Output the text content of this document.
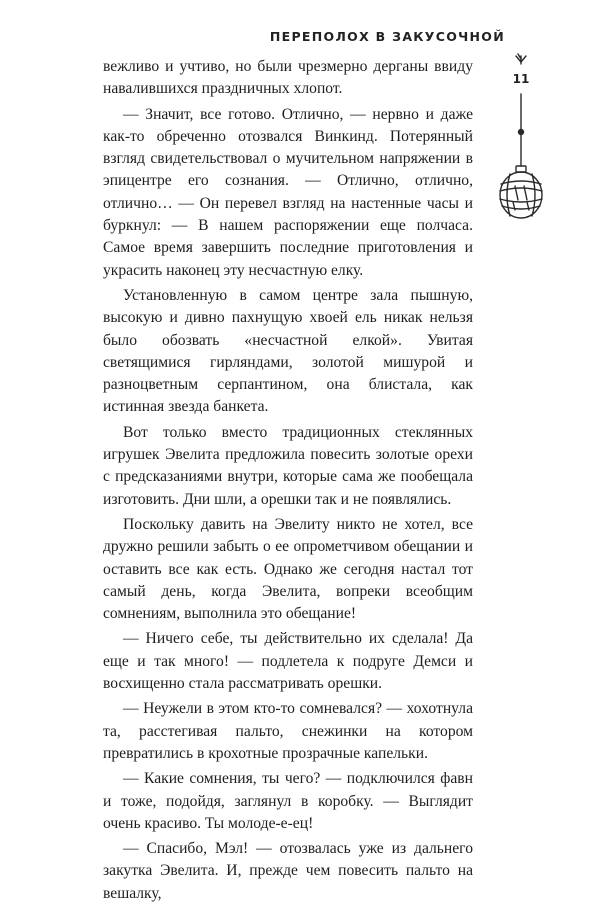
ПЕРЕПОЛОХ В ЗАКУСОЧНОЙ
11

вежливо и учтиво, но были чрезмерно дерганы ввиду навалившихся праздничных хлопот.

— Значит, все готово. Отлично, — нервно и даже как-то обреченно отозвался Винкинд. Потерянный взгляд свидетельствовал о мучительном напряжении в эпицентре его сознания. — Отлично, отлично, отлично… — Он перевел взгляд на настенные часы и буркнул: — В нашем распоряжении еще полчаса. Самое время завершить последние приготовления и украсить наконец эту несчастную елку.

Установленную в самом центре зала пышную, высокую и дивно пахнущую хвоей ель никак нельзя было обозвать «несчастной елкой». Увитая светящимися гирляндами, золотой мишурой и разноцветным серпантином, она блистала, как истинная звезда банкета.

Вот только вместо традиционных стеклянных игрушек Эвелита предложила повесить золотые орехи с предсказаниями внутри, которые сама же пообещала изготовить. Дни шли, а орешки так и не появлялись.

Поскольку давить на Эвелиту никто не хотел, все дружно решили забыть о ее опрометчивом обещании и оставить все как есть. Однако же сегодня настал тот самый день, когда Эвелита, вопреки всеобщим сомнениям, выполнила это обещание!

— Ничего себе, ты действительно их сделала! Да еще и так много! — подлетела к подруге Демси и восхищенно стала рассматривать орешки.

— Неужели в этом кто-то сомневался? — хохотнула та, расстегивая пальто, снежинки на котором превратились в крохотные прозрачные капельки.

— Какие сомнения, ты чего? — подключился фавн и тоже, подойдя, заглянул в коробку. — Выглядит очень красиво. Ты молоде-е-ец!

— Спасибо, Мэл! — отозвалась уже из дальнего закутка Эвелита. И, прежде чем повесить пальто на вешалку,
